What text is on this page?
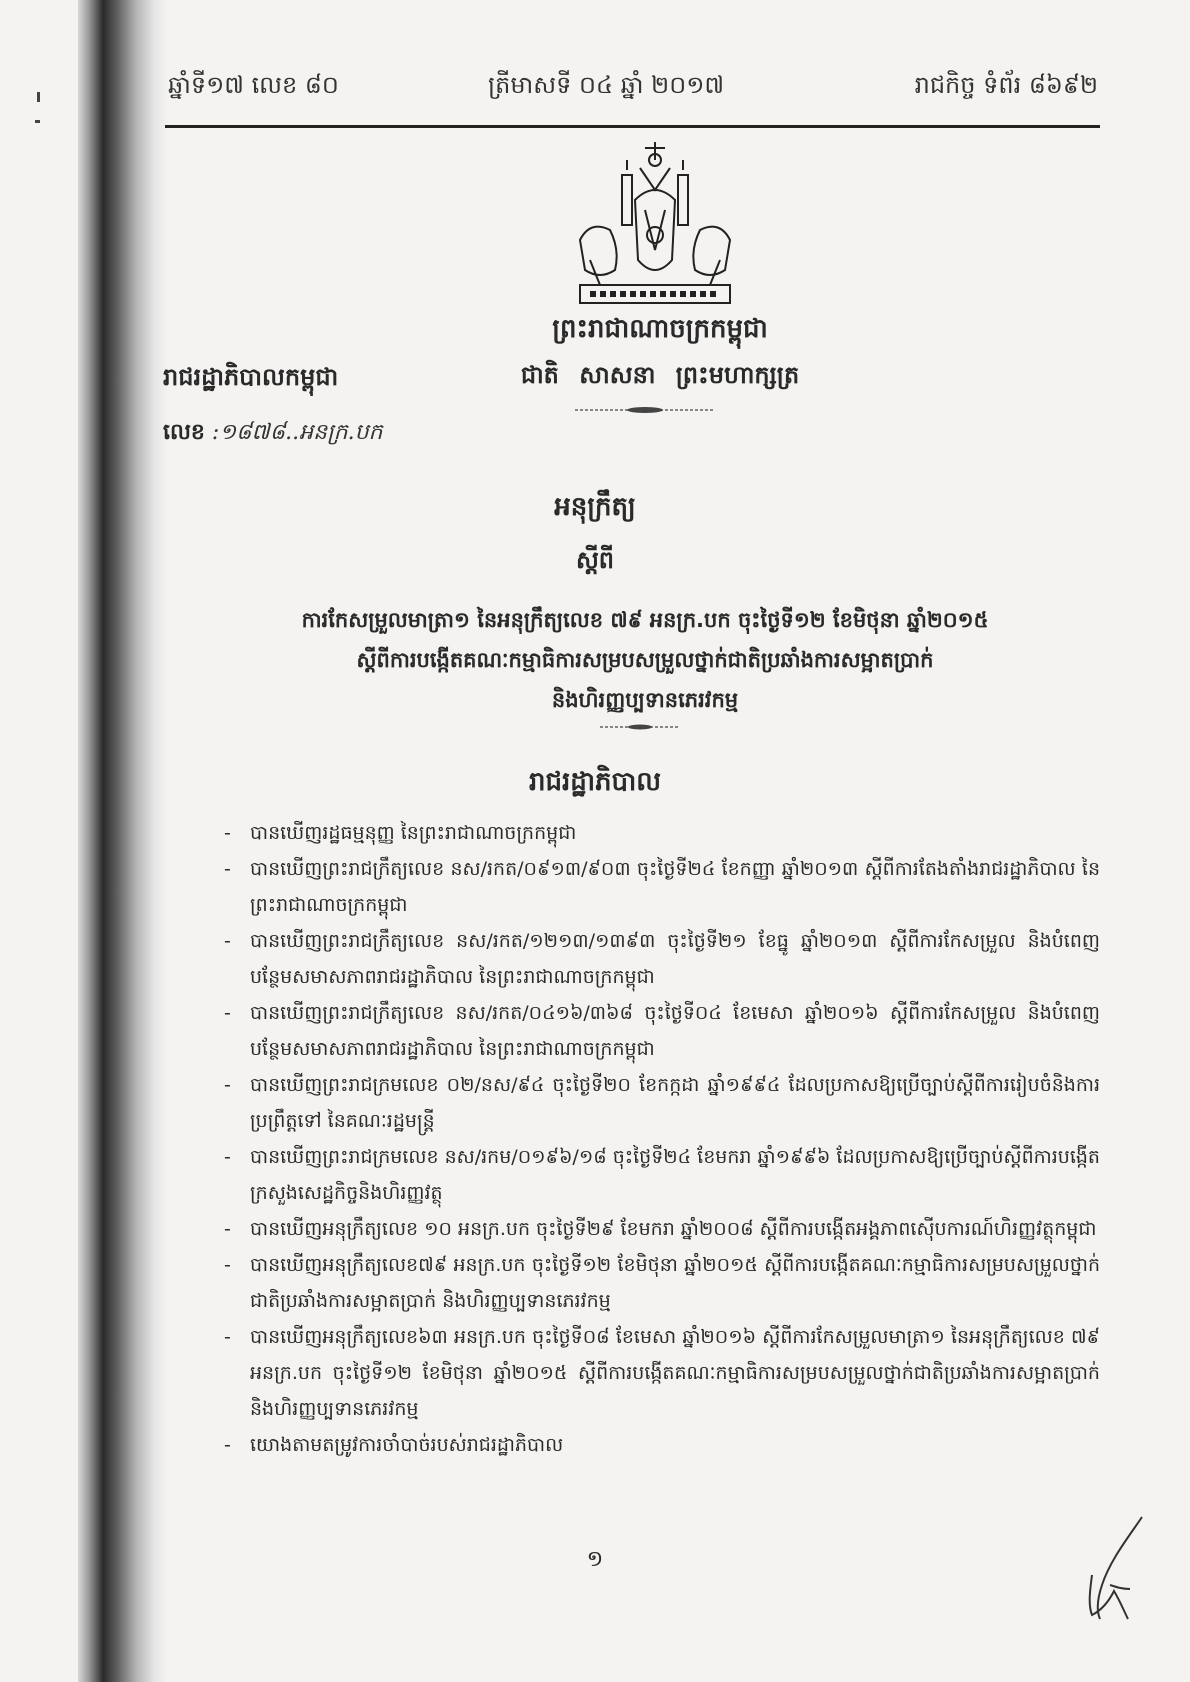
ឆ្នាំទី១៧ លេខ ៨០	ត្រីមាសទី ០៤ ឆ្នាំ ២០១៧	រាជកិច្ច ទំព័រ ៨៦៩២
ព្រះរាជាណាចក្រកម្ពុជា
ជាតិ សាសនា ព្រះមហាក្សត្រ
រាជរដ្ឋាភិបាលកម្ពុជា
លេខ :១៨៧៨..អនក្រ.បក
អនុក្រឹត្យ
ស្តីពី
ការកែសម្រួលមាត្រា១ នៃអនុក្រឹត្យលេខ ៧៩ អនក្រ.បក ចុះថ្ងៃទី១២ ខែមិថុនា ឆ្នាំ២០១៥
ស្តីពីការបង្កើតគណៈកម្មាធិការសម្របសម្រួលថ្នាក់ជាតិប្រឆាំងការសម្អាតប្រាក់
និងហិរញ្ញប្បទានភេរវកម្ម
រាជរដ្ឋាភិបាល
- បានឃើញរដ្ឋធម្មនុញ្ញ នៃព្រះរាជាណាចក្រកម្ពុជា
- បានឃើញព្រះរាជក្រឹត្យលេខ នស/រកត/០៩១៣/៩០៣ ចុះថ្ងៃទី២៤ ខែកញ្ញា ឆ្នាំ២០១៣ ស្តីពីការតែងតាំងរាជរដ្ឋាភិបាល នៃព្រះរាជាណាចក្រកម្ពុជា
- បានឃើញព្រះរាជក្រឹត្យលេខ នស/រកត/១២១៣/១៣៩៣ ចុះថ្ងៃទី២១ ខែធ្នូ ឆ្នាំ២០១៣ ស្តីពីការកែសម្រួល និងបំពេញបន្ថែមសមាសភាពរាជរដ្ឋាភិបាល នៃព្រះរាជាណាចក្រកម្ពុជា
- បានឃើញព្រះរាជក្រឹត្យលេខ នស/រកត/០៤១៦/៣៦៨ ចុះថ្ងៃទី០៤ ខែមេសា ឆ្នាំ២០១៦ ស្តីពីការកែសម្រួល និងបំពេញបន្ថែមសមាសភាពរាជរដ្ឋាភិបាល នៃព្រះរាជាណាចក្រកម្ពុជា
- បានឃើញព្រះរាជក្រមលេខ ០២/នស/៩៤ ចុះថ្ងៃទី២០ ខែកក្កដា ឆ្នាំ១៩៩៤ ដែលប្រកាសឱ្យប្រើច្បាប់ស្តីពីការរៀបចំនិងការប្រព្រឹត្តទៅ នៃគណៈរដ្ឋមន្ត្រី
- បានឃើញព្រះរាជក្រមលេខ នស/រកម/០១៩៦/១៨ ចុះថ្ងៃទី២៤ ខែមករា ឆ្នាំ១៩៩៦ ដែលប្រកាសឱ្យប្រើច្បាប់ស្តីពីការបង្កើតក្រសួងសេដ្ឋកិច្ចនិងហិរញ្ញវត្ថុ
- បានឃើញអនុក្រឹត្យលេខ ១០ អនក្រ.បក ចុះថ្ងៃទី២៩ ខែមករា ឆ្នាំ២០០៨ ស្តីពីការបង្កើតអង្គភាពស៊ើបការណ៍ហិរញ្ញវត្ថុកម្ពុជា
- បានឃើញអនុក្រឹត្យលេខ៧៩ អនក្រ.បក ចុះថ្ងៃទី១២ ខែមិថុនា ឆ្នាំ២០១៥ ស្តីពីការបង្កើតគណៈកម្មាធិការសម្របសម្រួលថ្នាក់ជាតិប្រឆាំងការសម្អាតប្រាក់ និងហិរញ្ញប្បទានភេរវកម្ម
- បានឃើញអនុក្រឹត្យលេខ៦៣ អនក្រ.បក ចុះថ្ងៃទី០៨ ខែមេសា ឆ្នាំ២០១៦ ស្តីពីការកែសម្រួលមាត្រា១ នៃអនុក្រឹត្យលេខ ៧៩ អនក្រ.បក ចុះថ្ងៃទី១២ ខែមិថុនា ឆ្នាំ២០១៥ ស្តីពីការបង្កើតគណៈកម្មាធិការសម្របសម្រួលថ្នាក់ជាតិប្រឆាំងការសម្អាតប្រាក់ និងហិរញ្ញប្បទានភេរវកម្ម
- យោងតាមតម្រូវការចាំបាច់របស់រាជរដ្ឋាភិបាល
១
